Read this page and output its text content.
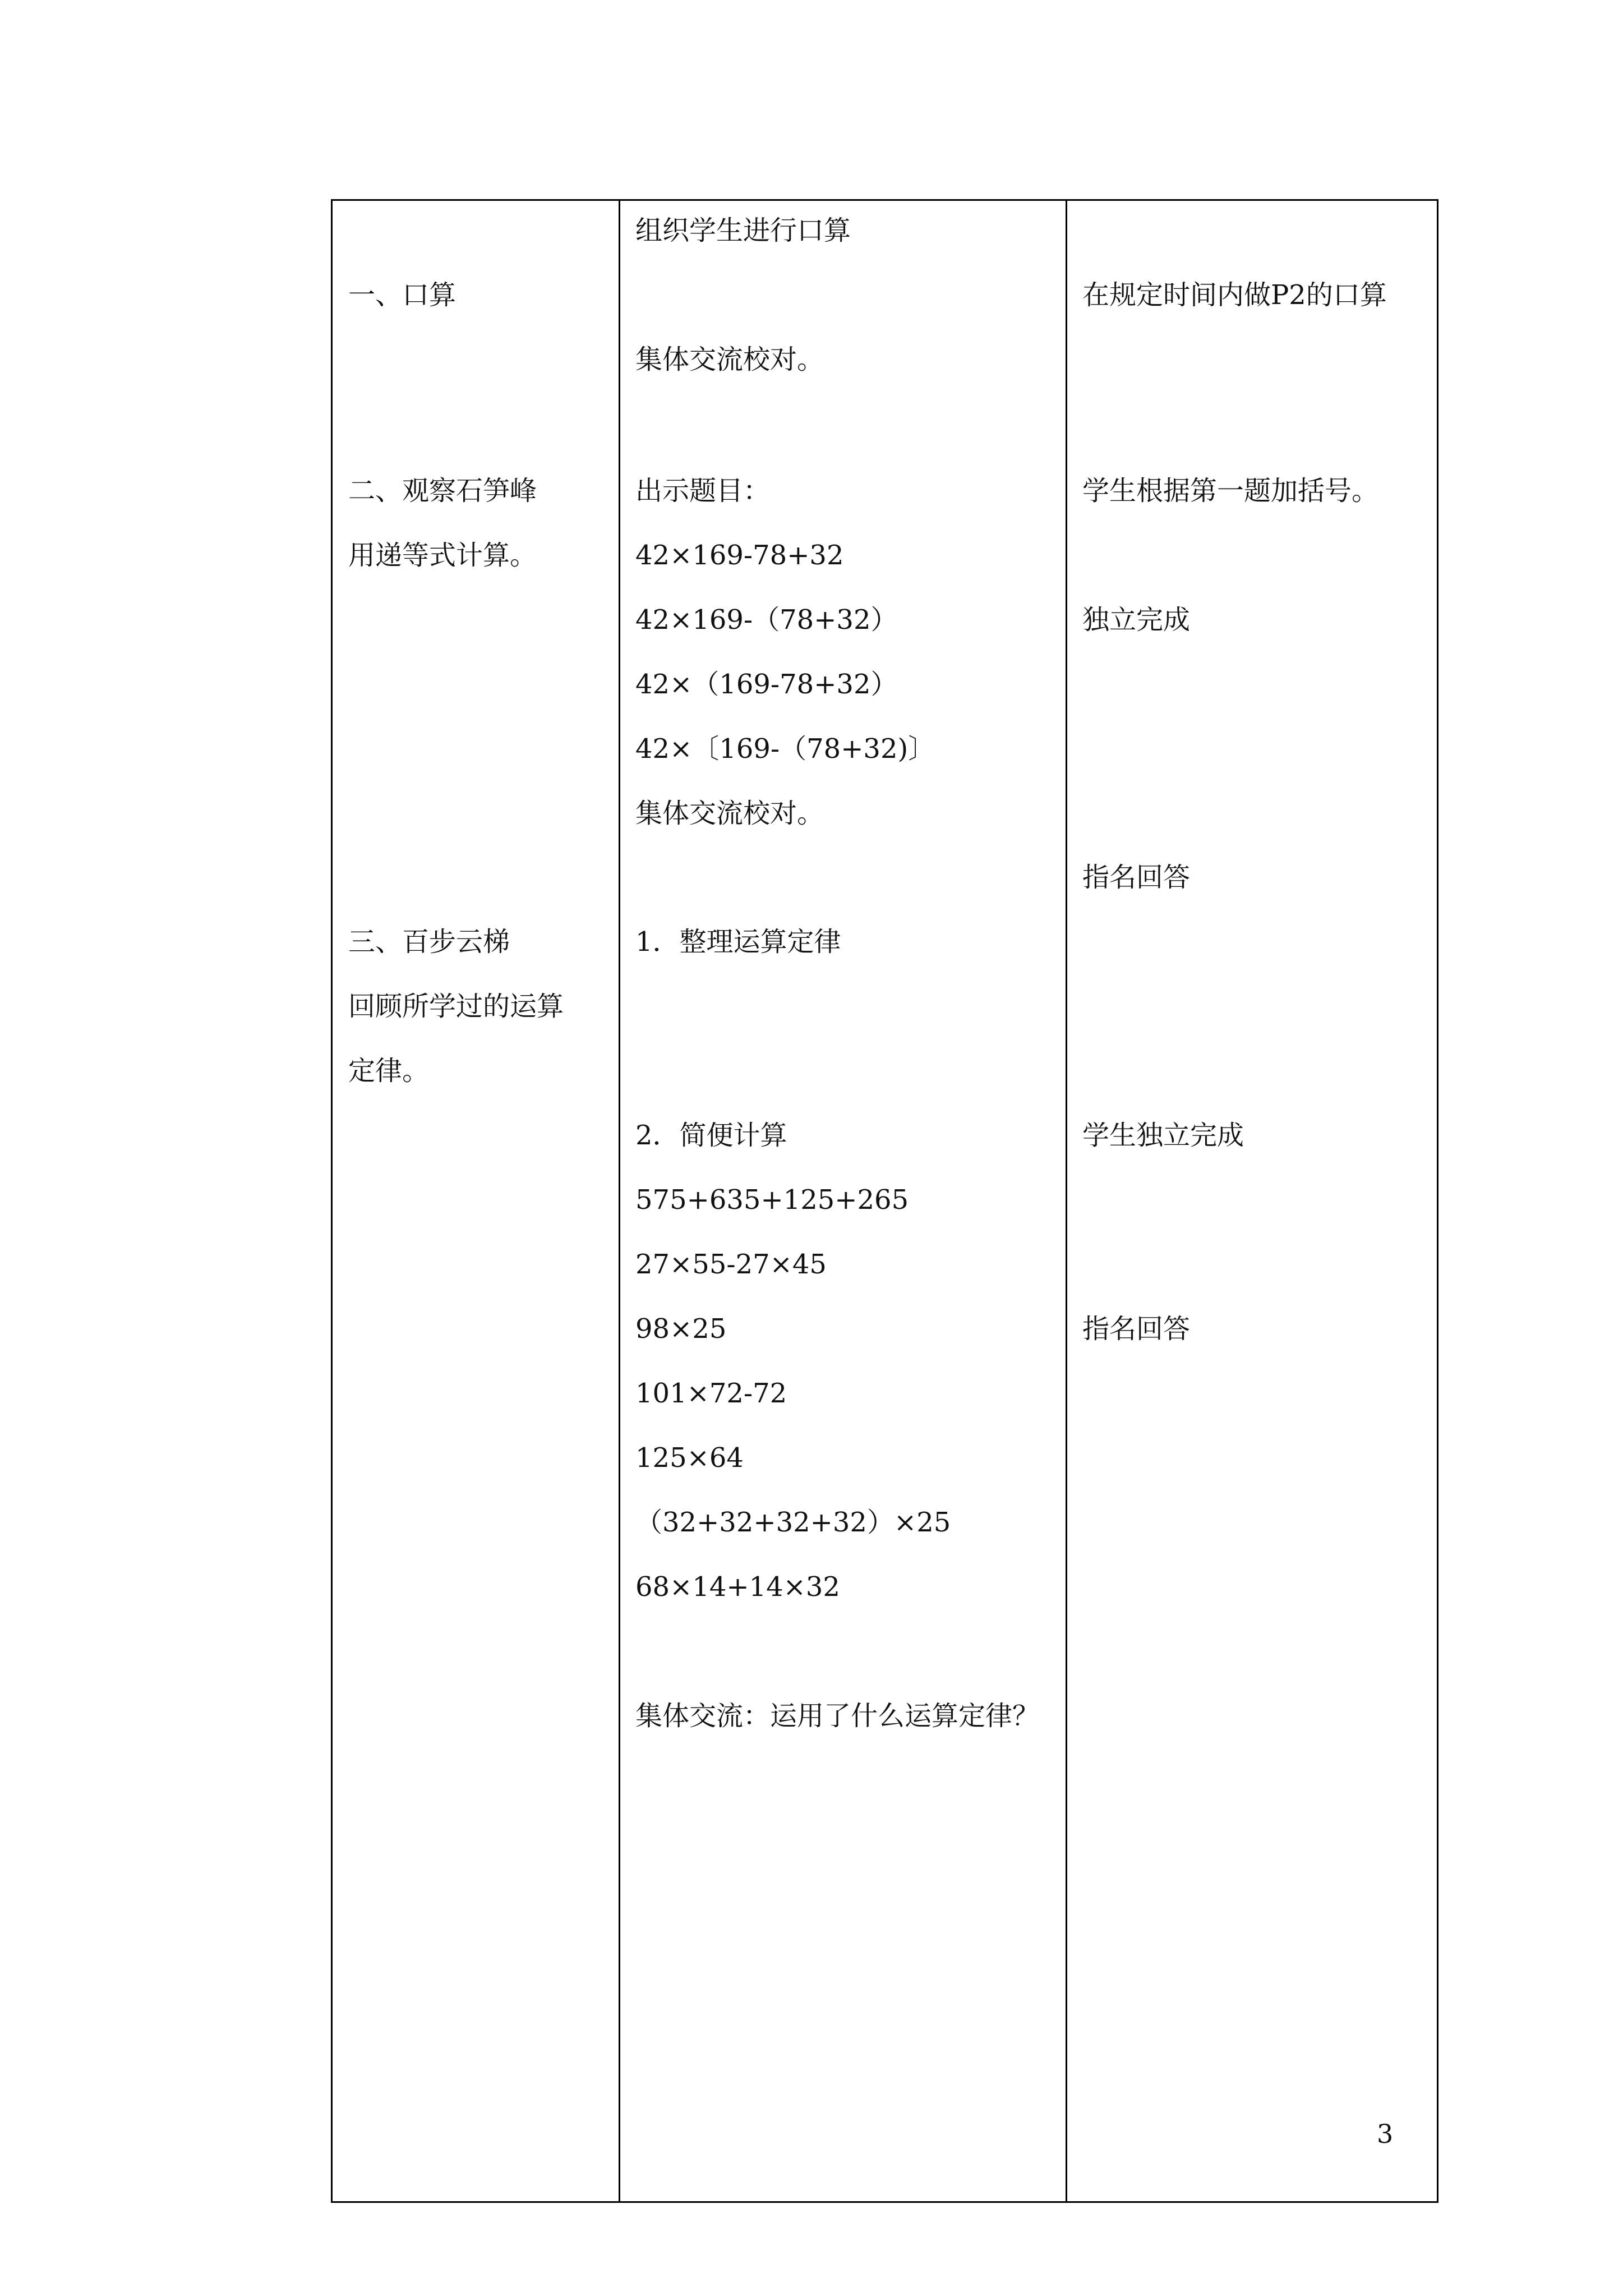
一、口算
二、观察石笋峰
用递等式计算。
三、百步云梯
回顾所学过的运算
定律。
组织学生进行口算
集体交流校对。
出示题目：
42×169-78+32
42×169-（78+32）
42×（169-78+32）
42×〔169-（78+32)〕
集体交流校对。
1．整理运算定律
2．简便计算
575+635+125+265
27×55-27×45
98×25
101×72-72
125×64
（32+32+32+32）×25
68×14+14×32
集体交流：运用了什么运算定律？
在规定时间内做P2的口算
学生根据第一题加括号。
独立完成
指名回答
学生独立完成
指名回答
3
